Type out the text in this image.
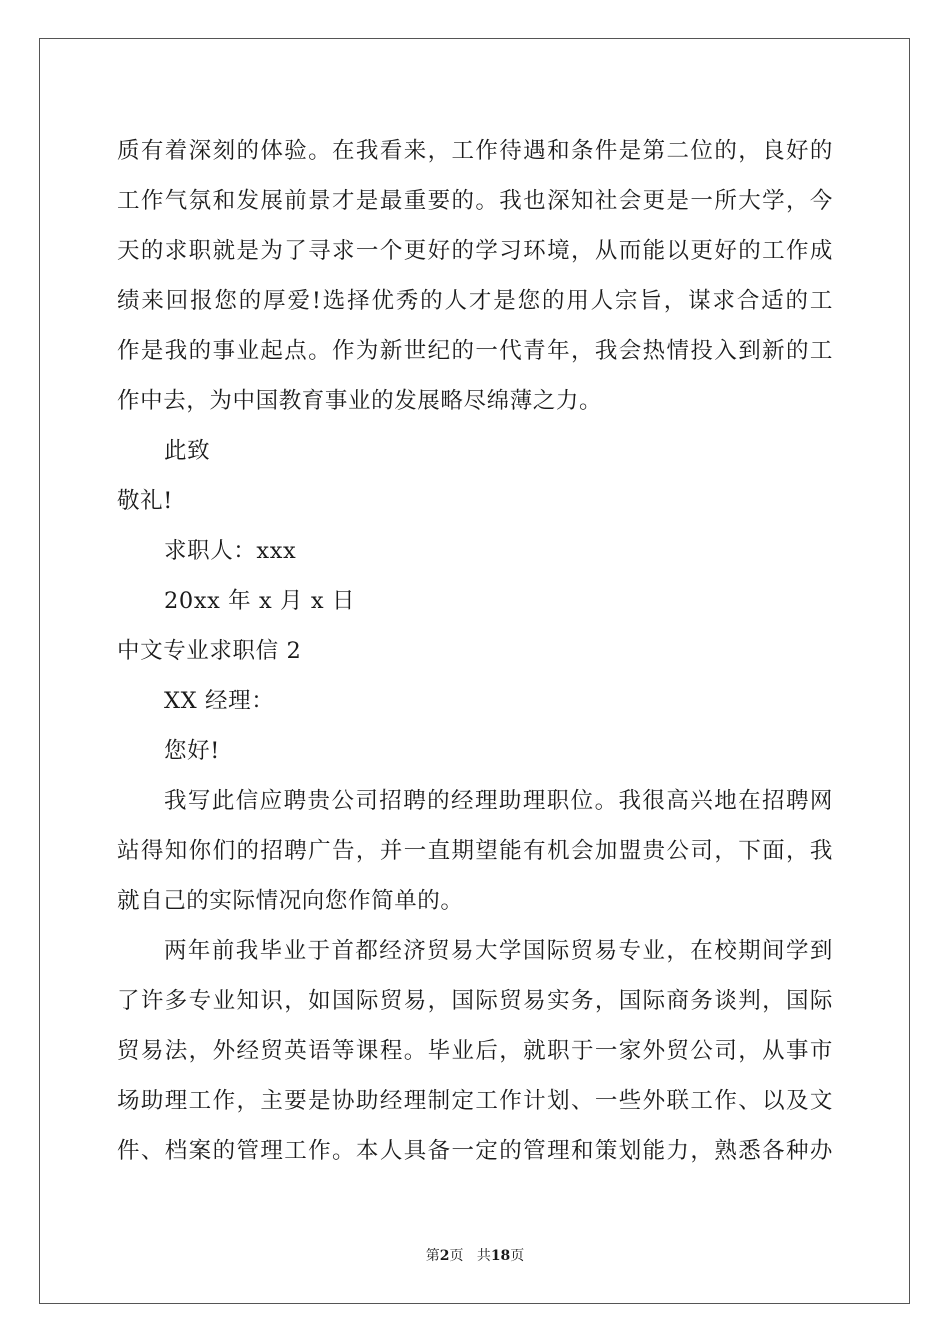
质有着深刻的体验。在我看来，工作待遇和条件是第二位的，良好的
工作气氛和发展前景才是最重要的。我也深知社会更是一所大学，今
天的求职就是为了寻求一个更好的学习环境，从而能以更好的工作成
绩来回报您的厚爱!选择优秀的人才是您的用人宗旨，谋求合适的工
作是我的事业起点。作为新世纪的一代青年，我会热情投入到新的工
作中去，为中国教育事业的发展略尽绵薄之力。
此致
敬礼!
求职人：xxx
20xx 年 x 月 x 日
中文专业求职信 2
XX 经理：
您好!
我写此信应聘贵公司招聘的经理助理职位。我很高兴地在招聘网
站得知你们的招聘广告，并一直期望能有机会加盟贵公司，下面，我
就自己的实际情况向您作简单的。
两年前我毕业于首都经济贸易大学国际贸易专业，在校期间学到
了许多专业知识，如国际贸易，国际贸易实务，国际商务谈判，国际
贸易法，外经贸英语等课程。毕业后，就职于一家外贸公司，从事市
场助理工作，主要是协助经理制定工作计划、一些外联工作、以及文
件、档案的管理工作。本人具备一定的管理和策划能力，熟悉各种办
第2页 共18页
